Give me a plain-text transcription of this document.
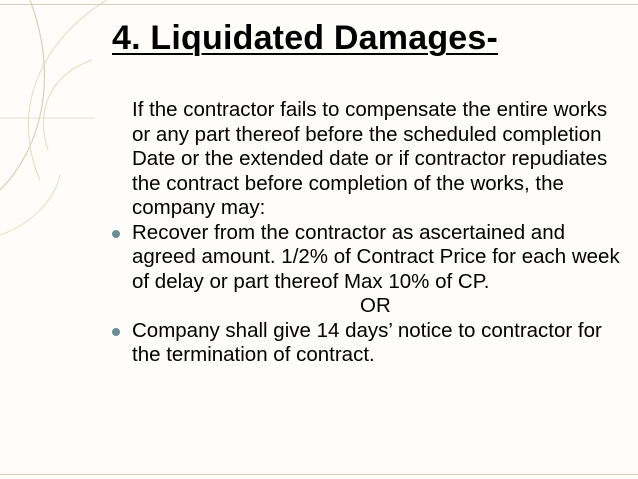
4. Liquidated Damages-

If the contractor fails to compensate the entire works or any part thereof before the scheduled completion Date or the extended date or if contractor repudiates the contract before completion of the works, the company may:

Recover from the contractor as ascertained and agreed amount. 1/2% of Contract Price for each week of delay or part thereof Max 10% of CP.

OR

Company shall give 14 days’ notice to contractor for the termination of contract.
